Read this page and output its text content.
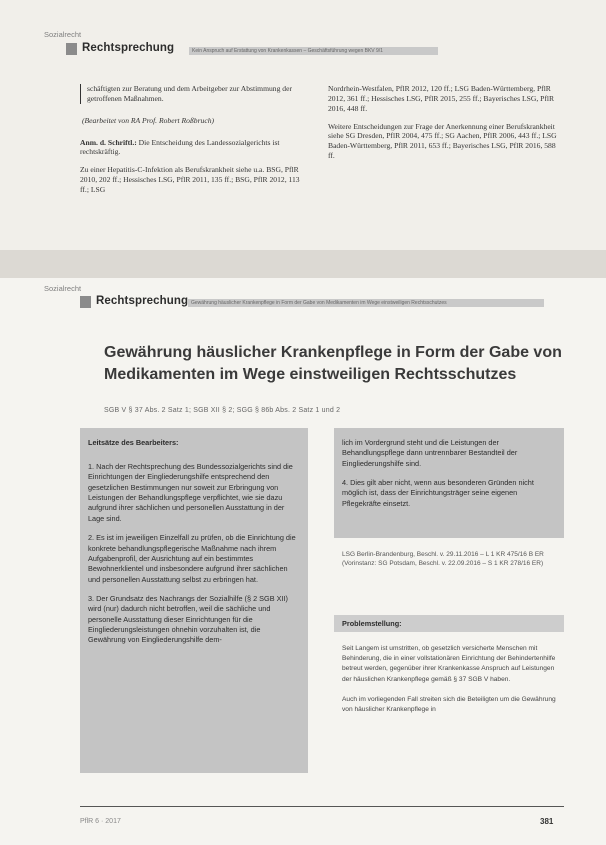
Sozialrecht
Rechtsprechung	Kein Anspruch auf Erstattung von Krankenkassen – Geschäftsführung wegen BKV 9/1

schäftigten zur Beratung und dem Arbeitgeber zur Abstimmung der getroffenen Maßnahmen.

(Bearbeitet von RA Prof. Robert Roßbruch)

Anm. d. Schriftl.: Die Entscheidung des Landessozialgerichts ist rechtskräftig.

Zu einer Hepatitis-C-Infektion als Berufskrankheit siehe u.a. BSG, PflR 2010, 202 ff.; Hessisches LSG, PflR 2011, 135 ff.; BSG, PflR 2012, 113 ff.; LSG

Nordrhein-Westfalen, PflR 2012, 120 ff.; LSG Baden-Württemberg, PflR 2012, 361 ff.; Hessisches LSG, PflR 2015, 255 ff.; Bayerisches LSG, PflR 2016, 448 ff.

Weitere Entscheidungen zur Frage der Anerkennung einer Berufskrankheit siehe SG Dresden, PflR 2004, 475 ff.; SG Aachen, PflR 2006, 443 ff.; LSG Baden-Württemberg, PflR 2011, 653 ff.; Bayerisches LSG, PflR 2016, 588 ff.

Sozialrecht
Rechtsprechung Gewährung häuslicher Krankenpflege in Form der Gabe von Medikamenten im Wege einstweiligen Rechtsschutzes
Gewährung häuslicher Krankenpflege in Form der Gabe von Medikamenten im Wege einstweiligen Rechtsschutzes
SGB V § 37 Abs. 2 Satz 1; SGB XII § 2; SGG § 86b Abs. 2 Satz 1 und 2
Leitsätze des Bearbeiters:

1. Nach der Rechtsprechung des Bundessozialgerichts sind die Einrichtungen der Eingliederungshilfe entsprechend den gesetzlichen Bestimmungen nur soweit zur Erbringung von Leistungen der Behandlungspflege verpflichtet, wie sie dazu aufgrund ihrer sächlichen und personellen Ausstattung in der Lage sind.

2. Es ist im jeweiligen Einzelfall zu prüfen, ob die Einrichtung die konkrete behandlungspflegerische Maßnahme nach ihrem Aufgabenprofil, der Ausrichtung auf ein bestimmtes Bewohnerklientel und insbesondere aufgrund ihrer sächlichen und personellen Ausstattung selbst zu erbringen hat.

3. Der Grundsatz des Nachrangs der Sozialhilfe (§ 2 SGB XII) wird (nur) dadurch nicht betroffen, weil die sächliche und personelle Ausstattung dieser Einrichtungen für die Eingliederungsleistungen ohnehin vorzuhalten ist, die Gewährung von Eingliederungshilfe dem-

lich im Vordergrund steht und die Leistungen der Behandlungspflege dann untrennbarer Bestandteil der Eingliederungshilfe sind.

4. Dies gilt aber nicht, wenn aus besonderen Gründen nicht möglich ist, dass der Einrichtungsträger seine eigenen Pflegekräfte einsetzt.

LSG Berlin-Brandenburg, Beschl. v. 29.11.2016 – L 1 KR 475/16 B ER (Vorinstanz: SG Potsdam, Beschl. v. 22.09.2016 – S 1 KR 278/16 ER)
Problemstellung:

Seit Langem ist umstritten, ob gesetzlich versicherte Menschen mit Behinderung, die in einer vollstationären Einrichtung der Behindertenhilfe betreut werden, gegenüber ihrer Krankenkasse Anspruch auf Leistungen der häuslichen Krankenpflege gemäß § 37 SGB V haben.

Auch im vorliegenden Fall streiten sich die Beteiligten um die Gewährung von häuslicher Krankenpflege in

PflR 6 · 2017	381
